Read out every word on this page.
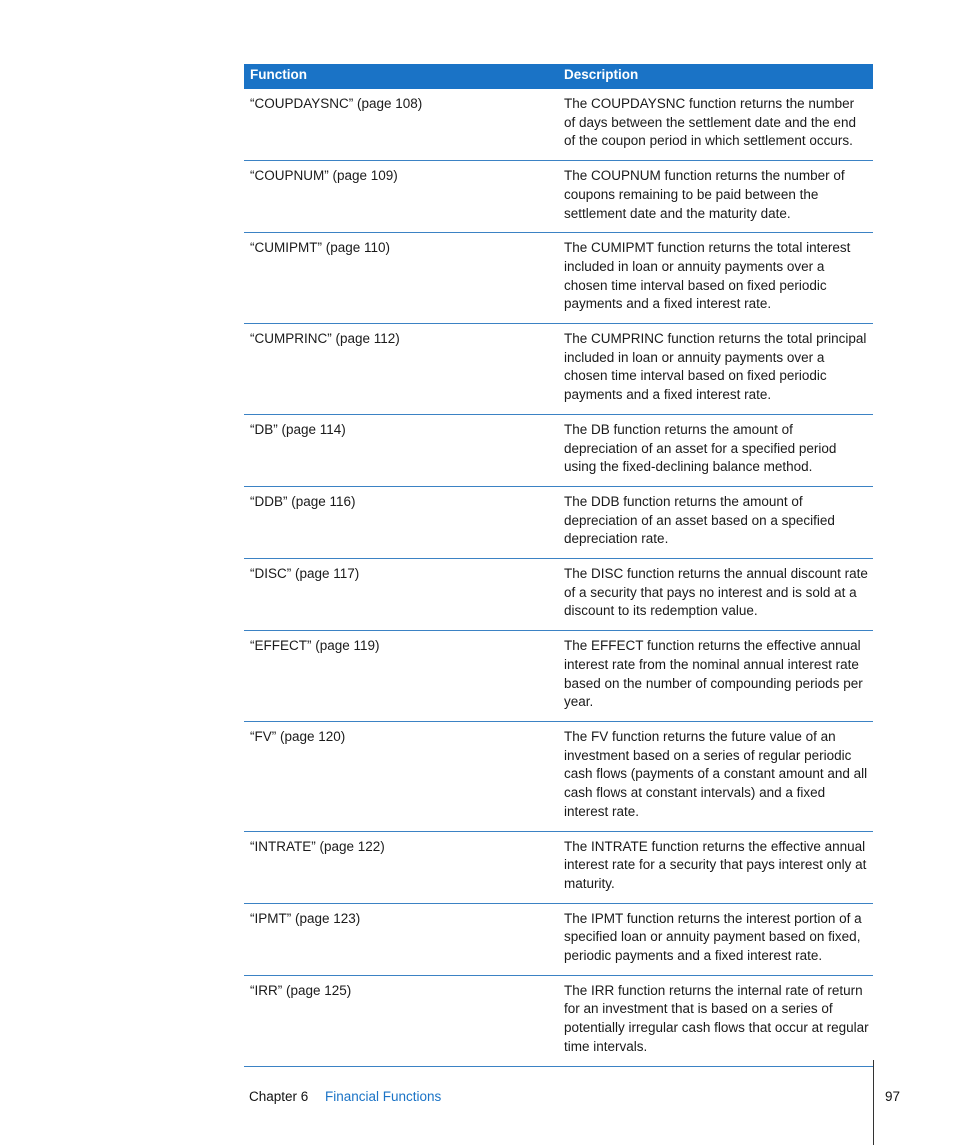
Function	Description
“COUPDAYSNC” (page 108)	The COUPDAYSNC function returns the number of days between the settlement date and the end of the coupon period in which settlement occurs.
“COUPNUM” (page 109)	The COUPNUM function returns the number of coupons remaining to be paid between the settlement date and the maturity date.
“CUMIPMT” (page 110)	The CUMIPMT function returns the total interest included in loan or annuity payments over a chosen time interval based on fixed periodic payments and a fixed interest rate.
“CUMPRINC” (page 112)	The CUMPRINC function returns the total principal included in loan or annuity payments over a chosen time interval based on fixed periodic payments and a fixed interest rate.
“DB” (page 114)	The DB function returns the amount of depreciation of an asset for a specified period using the fixed-declining balance method.
“DDB” (page 116)	The DDB function returns the amount of depreciation of an asset based on a specified depreciation rate.
“DISC” (page 117)	The DISC function returns the annual discount rate of a security that pays no interest and is sold at a discount to its redemption value.
“EFFECT” (page 119)	The EFFECT function returns the effective annual interest rate from the nominal annual interest rate based on the number of compounding periods per year.
“FV” (page 120)	The FV function returns the future value of an investment based on a series of regular periodic cash flows (payments of a constant amount and all cash flows at constant intervals) and a fixed interest rate.
“INTRATE” (page 122)	The INTRATE function returns the effective annual interest rate for a security that pays interest only at maturity.
“IPMT” (page 123)	The IPMT function returns the interest portion of a specified loan or annuity payment based on fixed, periodic payments and a fixed interest rate.
“IRR” (page 125)	The IRR function returns the internal rate of return for an investment that is based on a series of potentially irregular cash flows that occur at regular time intervals.
Chapter 6 Financial Functions	97
